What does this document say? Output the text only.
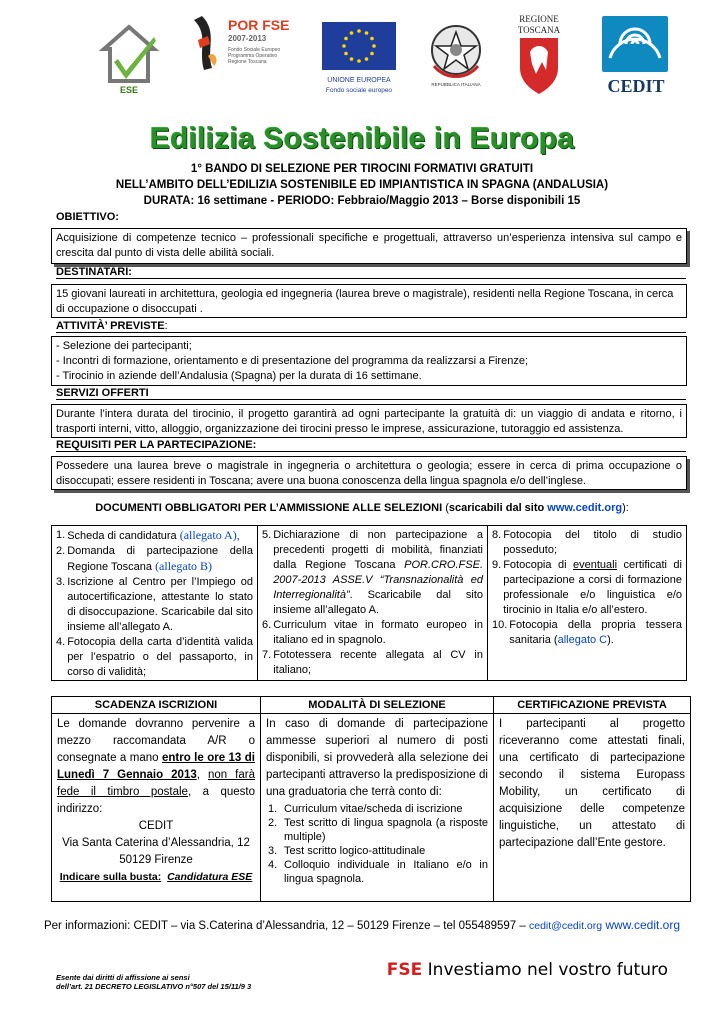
ESE
POR FSE
2007-2013
Fondo Sociale Europeo
Programma Operativo
Regione Toscana
UNIONE EUROPEA
Fondo sociale europeo
REPUBBLICA ITALIANA
REGIONE
TOSCANA
CEDIT
Edilizia Sostenibile in Europa
1° BANDO DI SELEZIONE PER TIROCINI FORMATIVI GRATUITI
NELL’AMBITO DELL’EDILIZIA SOSTENIBILE ED IMPIANTISTICA IN SPAGNA (ANDALUSIA)
DURATA: 16 settimane - PERIODO: Febbraio/Maggio 2013 – Borse disponibili 15
OBIETTIVO:
Acquisizione di competenze tecnico – professionali specifiche e progettuali, attraverso un’esperienza intensiva sul campo e crescita dal punto di vista delle abilità sociali.
DESTINATARI:
15 giovani laureati in architettura, geologia ed ingegneria (laurea breve o magistrale), residenti nella Regione Toscana, in cerca di occupazione o disoccupati .
ATTIVITÀ’ PREVISTE:
- Selezione dei partecipanti;
- Incontri di formazione, orientamento e di presentazione del programma da realizzarsi a Firenze;
- Tirocinio in aziende dell’Andalusia (Spagna) per la durata di 16 settimane.
SERVIZI OFFERTI
Durante l’intera durata del tirocinio, il progetto garantirà ad ogni partecipante la gratuità di: un viaggio di andata e ritorno, i trasporti interni, vitto, alloggio, organizzazione dei tirocini presso le imprese, assicurazione, tutoraggio ed assistenza.
REQUISITI PER LA PARTECIPAZIONE:
Possedere una laurea breve o magistrale in ingegneria o architettura o geologia; essere in cerca di prima occupazione o disoccupati; essere residenti in Toscana; avere una buona conoscenza della lingua spagnola e/o dell’inglese.
DOCUMENTI OBBLIGATORI PER L’AMMISSIONE ALLE SELEZIONI (scaricabili dal sito www.cedit.org):
1. Scheda di candidatura (allegato A),
2. Domanda di partecipazione della Regione Toscana (allegato B)
3. Iscrizione al Centro per l’Impiego od autocertificazione, attestante lo stato di disoccupazione. Scaricabile dal sito insieme all’allegato A.
4. Fotocopia della carta d’identità valida per l’espatrio o del passaporto, in corso di validità;
5. Dichiarazione di non partecipazione a precedenti progetti di mobilità, finanziati dalla Regione Toscana POR.CRO.FSE. 2007-2013 ASSE.V “Transnazionalità ed Interregionalità”. Scaricabile dal sito insieme all’allegato A.
6. Curriculum vitae in formato europeo in italiano ed in spagnolo.
7. Fototessera recente allegata al CV in italiano;
8. Fotocopia del titolo di studio posseduto;
9. Fotocopia di eventuali certificati di partecipazione a corsi di formazione professionale e/o linguistica e/o tirocinio in Italia e/o all’estero.
10. Fotocopia della propria tessera sanitaria (allegato C).
SCADENZA ISCRIZIONI
Le domande dovranno pervenire a mezzo raccomandata A/R o consegnate a mano entro le ore 13 di Lunedì 7 Gennaio 2013, non farà fede il timbro postale, a questo indirizzo:
CEDIT
Via Santa Caterina d’Alessandria, 12
50129 Firenze
Indicare sulla busta: Candidatura ESE
MODALITÀ DI SELEZIONE
In caso di domande di partecipazione ammesse superiori al numero di posti disponibili, si provvederà alla selezione dei partecipanti attraverso la predisposizione di una graduatoria che terrà conto di:
1. Curriculum vitae/scheda di iscrizione
2. Test scritto di lingua spagnola (a risposte multiple)
3. Test scritto logico-attitudinale
4. Colloquio individuale in Italiano e/o in lingua spagnola.
CERTIFICAZIONE PREVISTA
I partecipanti al progetto riceveranno come attestati finali, una certificato di partecipazione secondo il sistema Europass Mobility, un certificato di acquisizione delle competenze linguistiche, un attestato di partecipazione dall’Ente gestore.
Per informazioni: CEDIT – via S.Caterina d’Alessandria, 12 – 50129 Firenze – tel 055489597 – cedit@cedit.org www.cedit.org
Esente dai diritti di affissione ai sensi
dell’art. 21 DECRETO LEGISLATIVO n°507 del 15/11/9 3
FSE Investiamo nel vostro futuro
